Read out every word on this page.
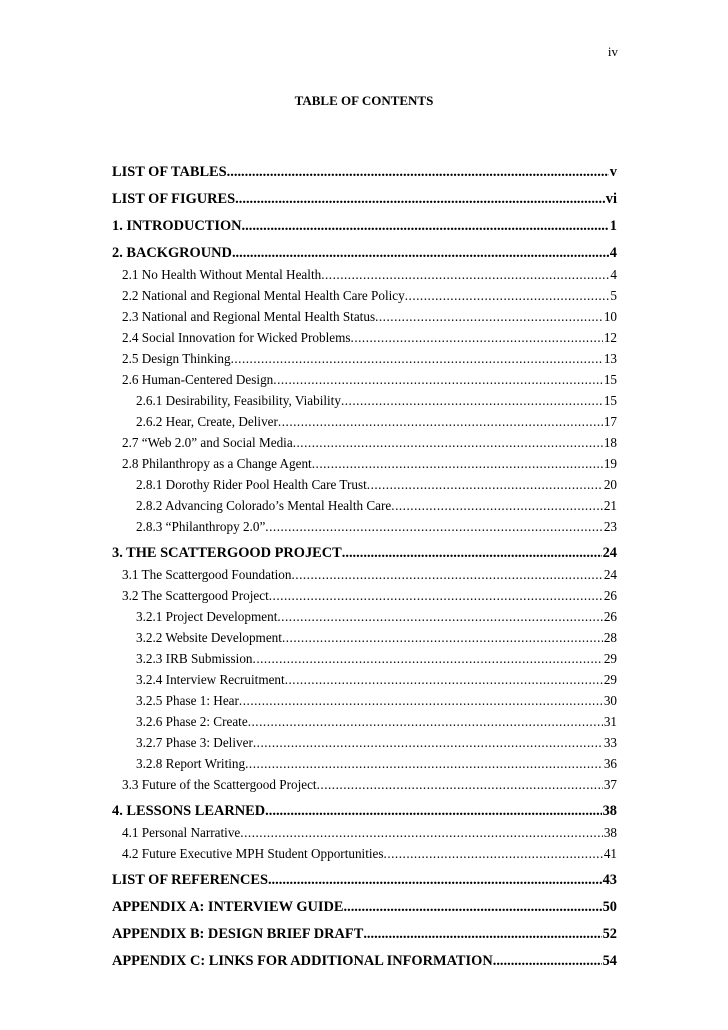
iv
TABLE OF CONTENTS
LIST OF TABLES .....	v
LIST OF FIGURES .....	vi
1. INTRODUCTION .....	1
2. BACKGROUND .....	4
2.1 No Health Without Mental Health .....	4
2.2 National and Regional Mental Health Care Policy .....	5
2.3 National and Regional Mental Health Status .....	10
2.4 Social Innovation for Wicked Problems .....	12
2.5 Design Thinking .....	13
2.6 Human-Centered Design .....	15
2.6.1 Desirability, Feasibility, Viability .....	15
2.6.2 Hear, Create, Deliver .....	17
2.7 “Web 2.0” and Social Media .....	18
2.8 Philanthropy as a Change Agent .....	19
2.8.1 Dorothy Rider Pool Health Care Trust .....	20
2.8.2 Advancing Colorado’s Mental Health Care .....	21
2.8.3 “Philanthropy 2.0” .....	23
3. THE SCATTERGOOD PROJECT .....	24
3.1 The Scattergood Foundation .....	24
3.2 The Scattergood Project .....	26
3.2.1 Project Development .....	26
3.2.2 Website Development .....	28
3.2.3 IRB Submission .....	29
3.2.4 Interview Recruitment .....	29
3.2.5 Phase 1: Hear .....	30
3.2.6 Phase 2: Create .....	31
3.2.7 Phase 3: Deliver .....	33
3.2.8 Report Writing .....	36
3.3 Future of the Scattergood Project .....	37
4. LESSONS LEARNED .....	38
4.1 Personal Narrative .....	38
4.2 Future Executive MPH Student Opportunities .....	41
LIST OF REFERENCES .....	43
APPENDIX A: INTERVIEW GUIDE .....	50
APPENDIX B: DESIGN BRIEF DRAFT .....	52
APPENDIX C: LINKS FOR ADDITIONAL INFORMATION .....	54
